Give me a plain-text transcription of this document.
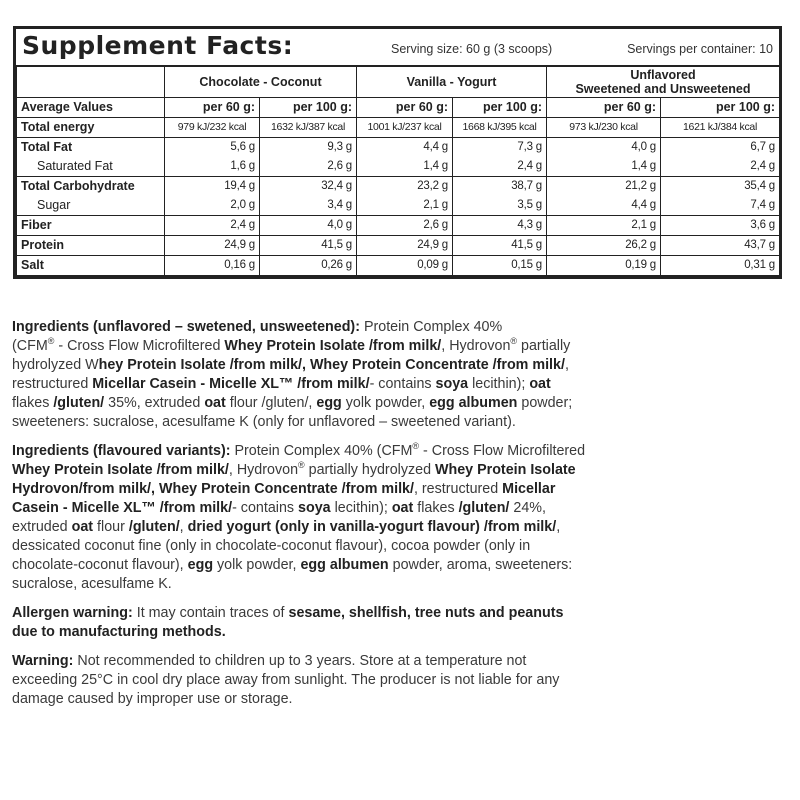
Supplement Facts:	Serving size: 60 g (3 scoops)	Servings per container: 10
	Chocolate - Coconut		Vanilla - Yogurt		Unflavored
Sweetened and Unsweetened	
Average Values	per 60 g:	per 100 g:	per 60 g:	per 100 g:	per 60 g:	per 100 g:
Total energy	979 kJ/232 kcal	1632 kJ/387 kcal	1001 kJ/237 kcal	1668 kJ/395 kcal	973 kJ/230 kcal	1621 kJ/384 kcal
Total Fat	5,6 g	9,3 g	4,4 g	7,3 g	4,0 g	6,7 g
Saturated Fat	1,6 g	2,6 g	1,4 g	2,4 g	1,4 g	2,4 g
Total Carbohydrate	19,4 g	32,4 g	23,2 g	38,7 g	21,2 g	35,4 g
Sugar	2,0 g	3,4 g	2,1 g	3,5 g	4,4 g	7,4 g
Fiber	2,4 g	4,0 g	2,6 g	4,3 g	2,1 g	3,6 g
Protein	24,9 g	41,5 g	24,9 g	41,5 g	26,2 g	43,7 g
Salt	0,16 g	0,26 g	0,09 g	0,15 g	0,19 g	0,31 g

Ingredients (unflavored – swetened, unsweetened): Protein Complex 40%
(CFM® - Cross Flow Microfiltered Whey Protein Isolate /from milk/, Hydrovon® partially hydrolyzed Whey Protein Isolate /from milk/, Whey Protein Concentrate /from milk/, restructured Micellar Casein - Micelle XL™ /from milk/- contains soya lecithin); oat flakes /gluten/ 35%, extruded oat flour /gluten/, egg yolk powder, egg albumen powder; sweeteners: sucralose, acesulfame K (only for unflavored – sweetened variant).

Ingredients (flavoured variants): Protein Complex 40% (CFM® - Cross Flow Microfiltered Whey Protein Isolate /from milk/, Hydrovon® partially hydrolyzed Whey Protein Isolate Hydrovon/from milk/, Whey Protein Concentrate /from milk/, restructured Micellar Casein - Micelle XL™ /from milk/- contains soya lecithin); oat flakes /gluten/ 24%, extruded oat flour /gluten/, dried yogurt (only in vanilla-yogurt flavour) /from milk/, dessicated coconut fine (only in chocolate-coconut flavour), cocoa powder (only in chocolate-coconut flavour), egg yolk powder, egg albumen powder, aroma, sweeteners: sucralose, acesulfame K.

Allergen warning: It may contain traces of sesame, shellfish, tree nuts and peanuts due to manufacturing methods.

Warning: Not recommended to children up to 3 years. Store at a temperature not exceeding 25°C in cool dry place away from sunlight. The producer is not liable for any damage caused by improper use or storage.
